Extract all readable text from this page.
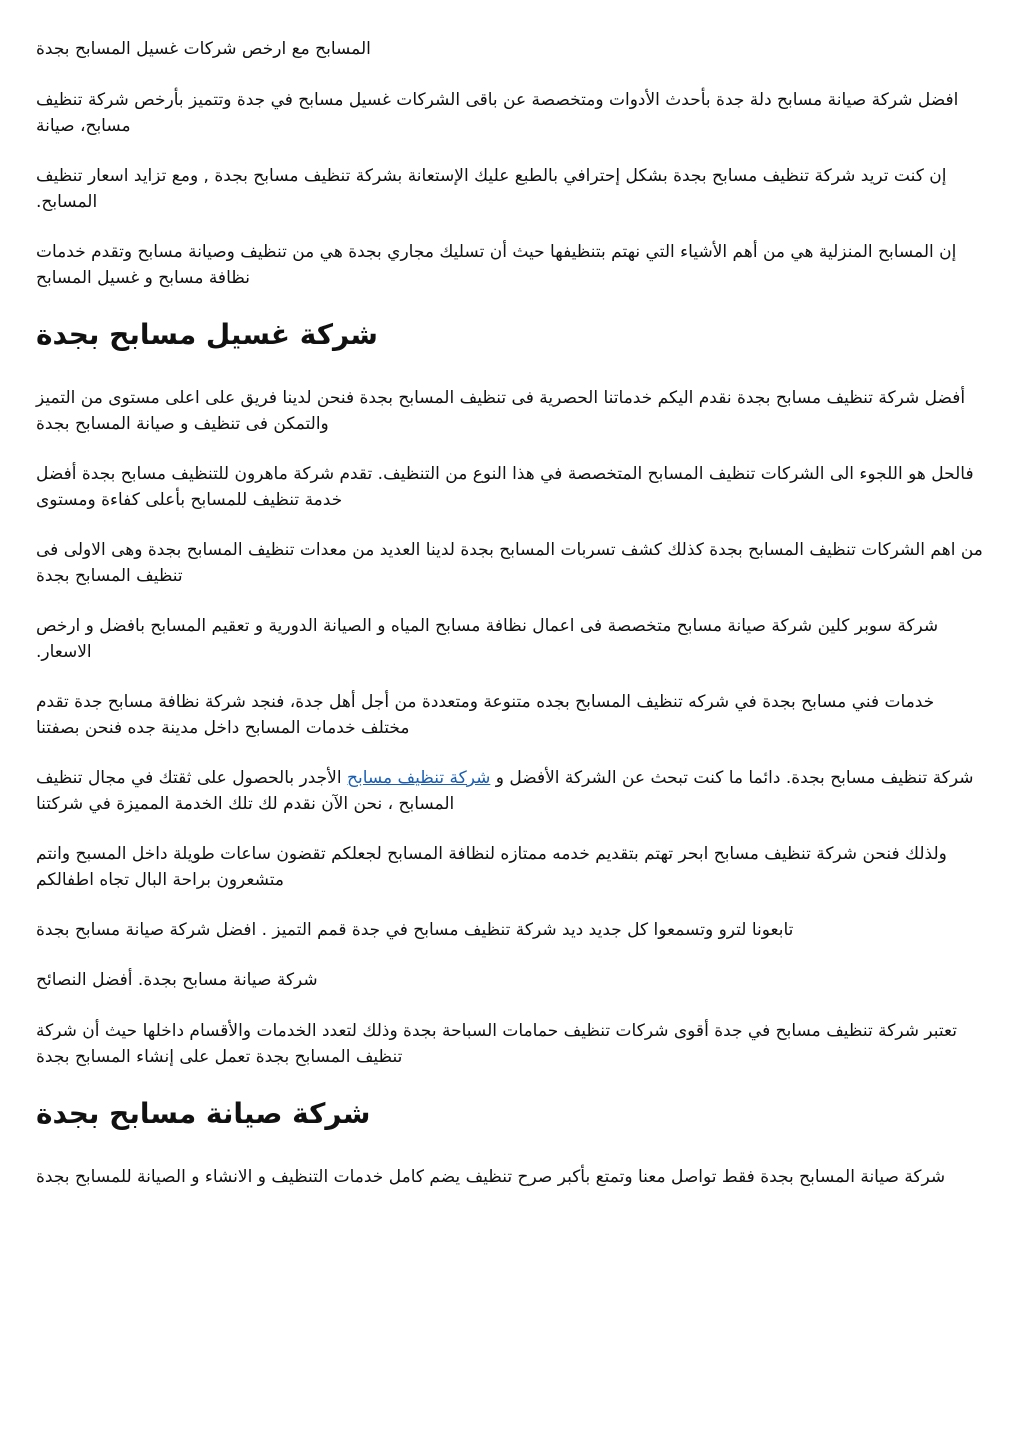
المسابح مع ارخص شركات غسيل المسابح بجدة

افضل شركة صيانة مسابح دلة جدة بأحدث الأدوات ومتخصصة عن باقى الشركات غسيل مسابح في جدة وتتميز بأرخص شركة تنظيف مسابح، صيانة

إن كنت تريد شركة تنظيف مسابح بجدة بشكل إحترافي بالطبع عليك الإستعانة بشركة تنظيف مسابح بجدة , ومع تزايد اسعار تنظيف المسابح.

إن المسابح المنزلية هي من أهم الأشياء التي نهتم بتنظيفها حيث أن تسليك مجاري بجدة هي من تنظيف وصيانة مسابح وتقدم خدمات نظافة مسابح و غسيل المسابح

شركة غسيل مسابح بجدة

أفضل شركة تنظيف مسابح بجدة نقدم اليكم خدماتنا الحصرية فى تنظيف المسابح بجدة فنحن لدينا فريق على اعلى مستوى من التميز والتمكن فى تنظيف و صيانة المسابح بجدة

فالحل هو اللجوء الى الشركات تنظيف المسابح المتخصصة في هذا النوع من التنظيف. تقدم شركة ماهرون للتنظيف مسابح بجدة أفضل خدمة تنظيف للمسابح بأعلى كفاءة ومستوى

من اهم الشركات تنظيف المسابح بجدة كذلك كشف تسربات المسابح بجدة لدينا العديد من معدات تنظيف المسابح بجدة وهى الاولى فى تنظيف المسابح بجدة

شركة سوبر كلين شركة صيانة مسابح متخصصة فى اعمال نظافة مسابح المياه و الصيانة الدورية و تعقيم المسابح بافضل و ارخص الاسعار.

خدمات فني مسابح بجدة في شركه تنظيف المسابح بجده متنوعة ومتعددة من أجل أهل جدة، فنجد شركة نظافة مسابح جدة تقدم مختلف خدمات المسابح داخل مدينة جده فنحن بصفتنا

شركة تنظيف مسابح بجدة. دائما ما كنت تبحث عن الشركة الأفضل و شركة تنظيف مسابح الأجدر بالحصول على ثقتك في مجال تنظيف المسابح ، نحن الآن نقدم لك تلك الخدمة المميزة في شركتنا

ولذلك فنحن شركة تنظيف مسابح ابحر تهتم بتقديم خدمه ممتازه لنظافة المسابح لجعلكم تقضون ساعات طويلة داخل المسبح وانتم متشعرون براحة البال تجاه اطفالكم

تابعونا لترو وتسمعوا كل جديد ديد شركة تنظيف مسابح في جدة قمم التميز . افضل شركة صيانة مسابح بجدة

شركة صيانة مسابح بجدة. أفضل النصائح

تعتبر شركة تنظيف مسابح في جدة أقوى شركات تنظيف حمامات السباحة بجدة وذلك لتعدد الخدمات والأقسام داخلها حيث أن شركة تنظيف المسابح بجدة تعمل على إنشاء المسابح بجدة

شركة صيانة مسابح بجدة

شركة صيانة المسابح بجدة فقط تواصل معنا وتمتع بأكبر صرح تنظيف يضم كامل خدمات التنظيف و الانشاء و الصيانة للمسابح بجدة
